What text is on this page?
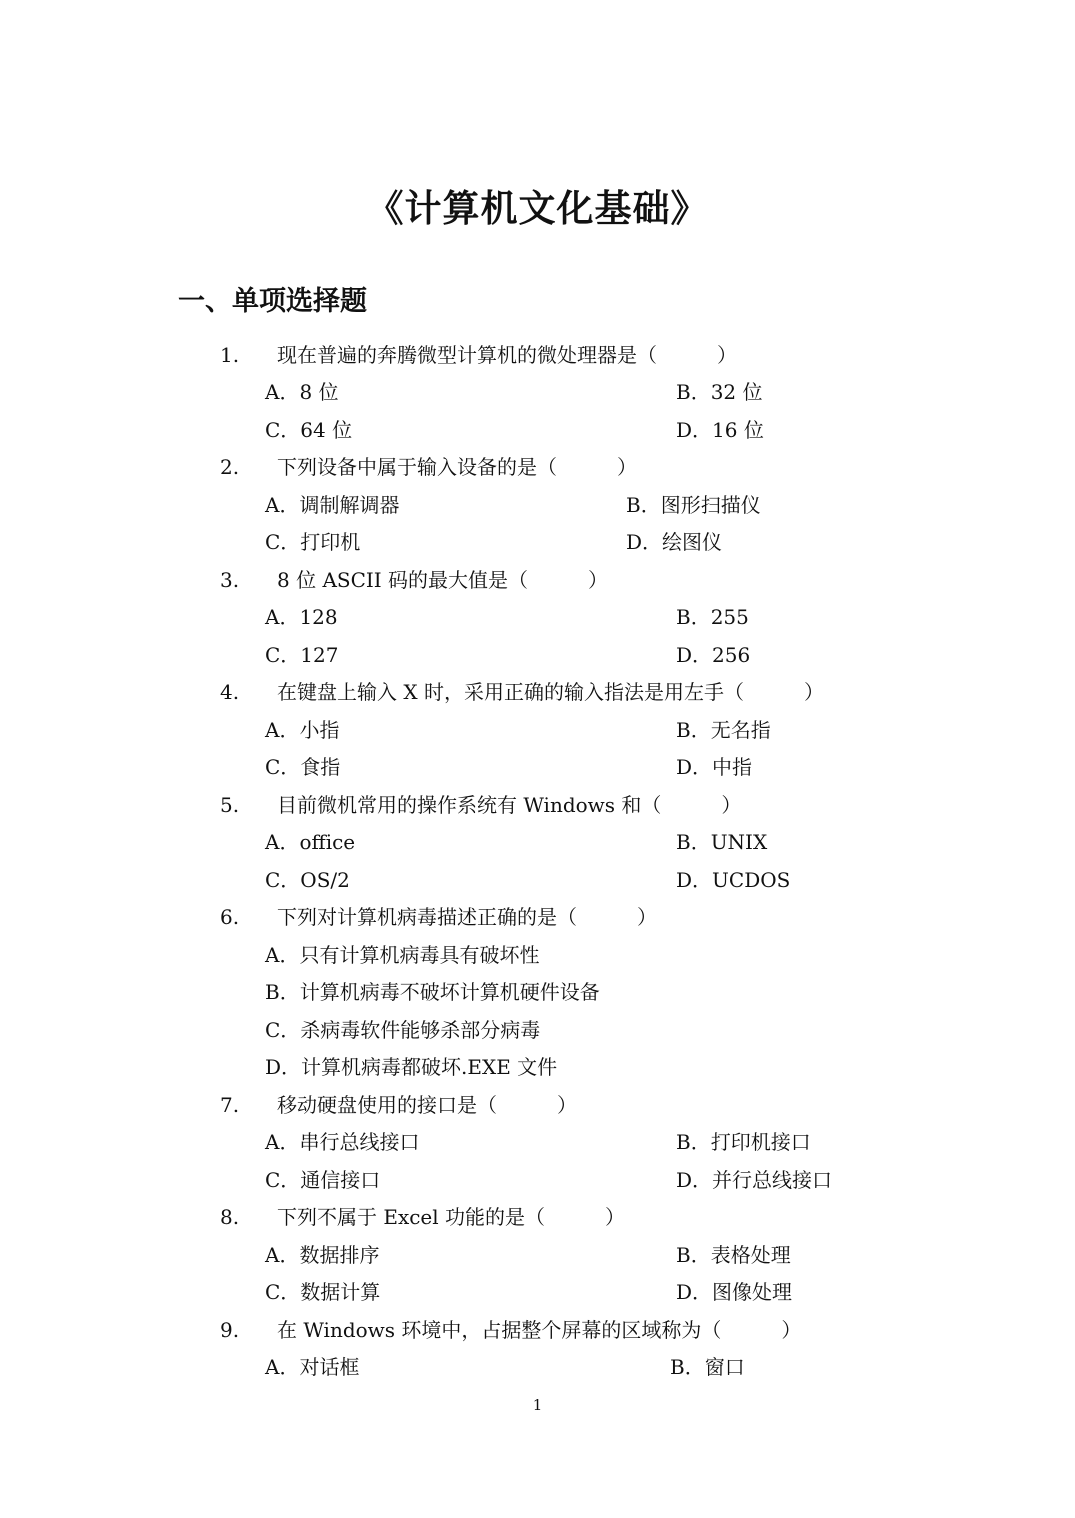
《计算机文化基础》
一、单项选择题
1. 现在普遍的奔腾微型计算机的微处理器是（　　　）
A．8 位	B．32 位
C．64 位	D．16 位
2. 下列设备中属于输入设备的是（　　　）
A．调制解调器	B．图形扫描仪
C．打印机	D．绘图仪
3. 8 位 ASCII 码的最大值是（　　　）
A．128	B．255
C．127	D．256
4. 在键盘上输入 X 时，采用正确的输入指法是用左手（　　　）
A．小指	B．无名指
C．食指	D．中指
5. 目前微机常用的操作系统有 Windows 和（　　　）
A．office	B．UNIX
C．OS/2	D．UCDOS
6. 下列对计算机病毒描述正确的是（　　　）
A．只有计算机病毒具有破坏性
B．计算机病毒不破坏计算机硬件设备
C．杀病毒软件能够杀部分病毒
D．计算机病毒都破坏.EXE 文件
7. 移动硬盘使用的接口是（　　　）
A．串行总线接口	B．打印机接口
C．通信接口	D．并行总线接口
8. 下列不属于 Excel 功能的是（　　　）
A．数据排序	B．表格处理
C．数据计算	D．图像处理
9. 在 Windows 环境中，占据整个屏幕的区域称为（　　　）
A．对话框	B．窗口
1
